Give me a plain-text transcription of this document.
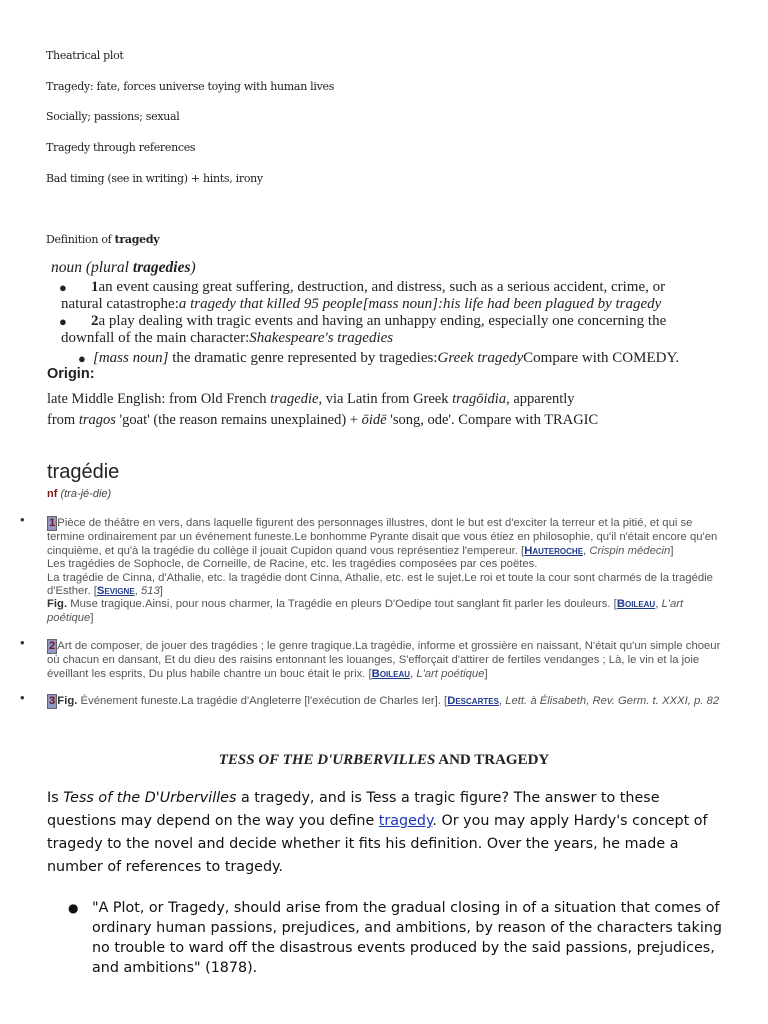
Theatrical plot
Tragedy: fate, forces universe toying with human lives
Socially; passions; sexual
Tragedy through references
Bad timing (see in writing) + hints, irony
Definition of tragedy
noun (plural tragedies)
● 1an event causing great suffering, destruction, and distress, such as a serious accident, crime, or natural catastrophe:a tragedy that killed 95 people[mass noun]:his life had been plagued by tragedy
● 2a play dealing with tragic events and having an unhappy ending, especially one concerning the downfall of the main character:Shakespeare's tragedies
● [mass noun] the dramatic genre represented by tragedies:Greek tragedyCompare with COMEDY.
Origin:
late Middle English: from Old French tragedie, via Latin from Greek tragōidia, apparently
from tragos 'goat' (the reason remains unexplained) + ōidē 'song, ode'. Compare with TRAGIC
tragédie
nf (tra-jé-die)
• 1 Pièce de théâtre en vers, dans laquelle figurent des personnages illustres, dont le but est d'exciter la terreur et la pitié, et qui se termine ordinairement par un événement funeste.Le bonhomme Pyrante disait que vous étiez en philosophie, qu'il n'était encore qu'en cinquième, et qu'à la tragédie du collège il jouait Cupidon quand vous représentiez l'empereur. [Hauteroche, Crispin médecin]
Les tragédies de Sophocle, de Corneille, de Racine, etc. les tragédies composées par ces poëtes.
La tragédie de Cinna, d'Athalie, etc. la tragédie dont Cinna, Athalie, etc. est le sujet.Le roi et toute la cour sont charmés de la tragédie d'Esther. [Sevigne, 513]
Fig. Muse tragique.Ainsi, pour nous charmer, la Tragédie en pleurs D'Oedipe tout sanglant fit parler les douleurs. [Boileau, L'art poétique]
• 2 Art de composer, de jouer des tragédies ; le genre tragique.La tragédie, informe et grossière en naissant, N'était qu'un simple choeur où chacun en dansant, Et du dieu des raisins entonnant les louanges, S'efforçait d'attirer de fertiles vendanges ; Là, le vin et la joie éveillant les esprits, Du plus habile chantre un bouc était le prix. [Boileau, L'art poétique]
• 3 Fig. Événement funeste.La tragédie d'Angleterre [l'exécution de Charles Ier]. [Descartes, Lett. à Élisabeth, Rev. Germ. t. XXXI, p. 82
TESS OF THE D'URBERVILLES AND TRAGEDY
Is Tess of the D'Urbervilles a tragedy, and is Tess a tragic figure? The answer to these questions may depend on the way you define tragedy. Or you may apply Hardy's concept of tragedy to the novel and decide whether it fits his definition. Over the years, he made a number of references to tragedy.
● "A Plot, or Tragedy, should arise from the gradual closing in of a situation that comes of ordinary human passions, prejudices, and ambitions, by reason of the characters taking no trouble to ward off the disastrous events produced by the said passions, prejudices, and ambitions" (1878).
